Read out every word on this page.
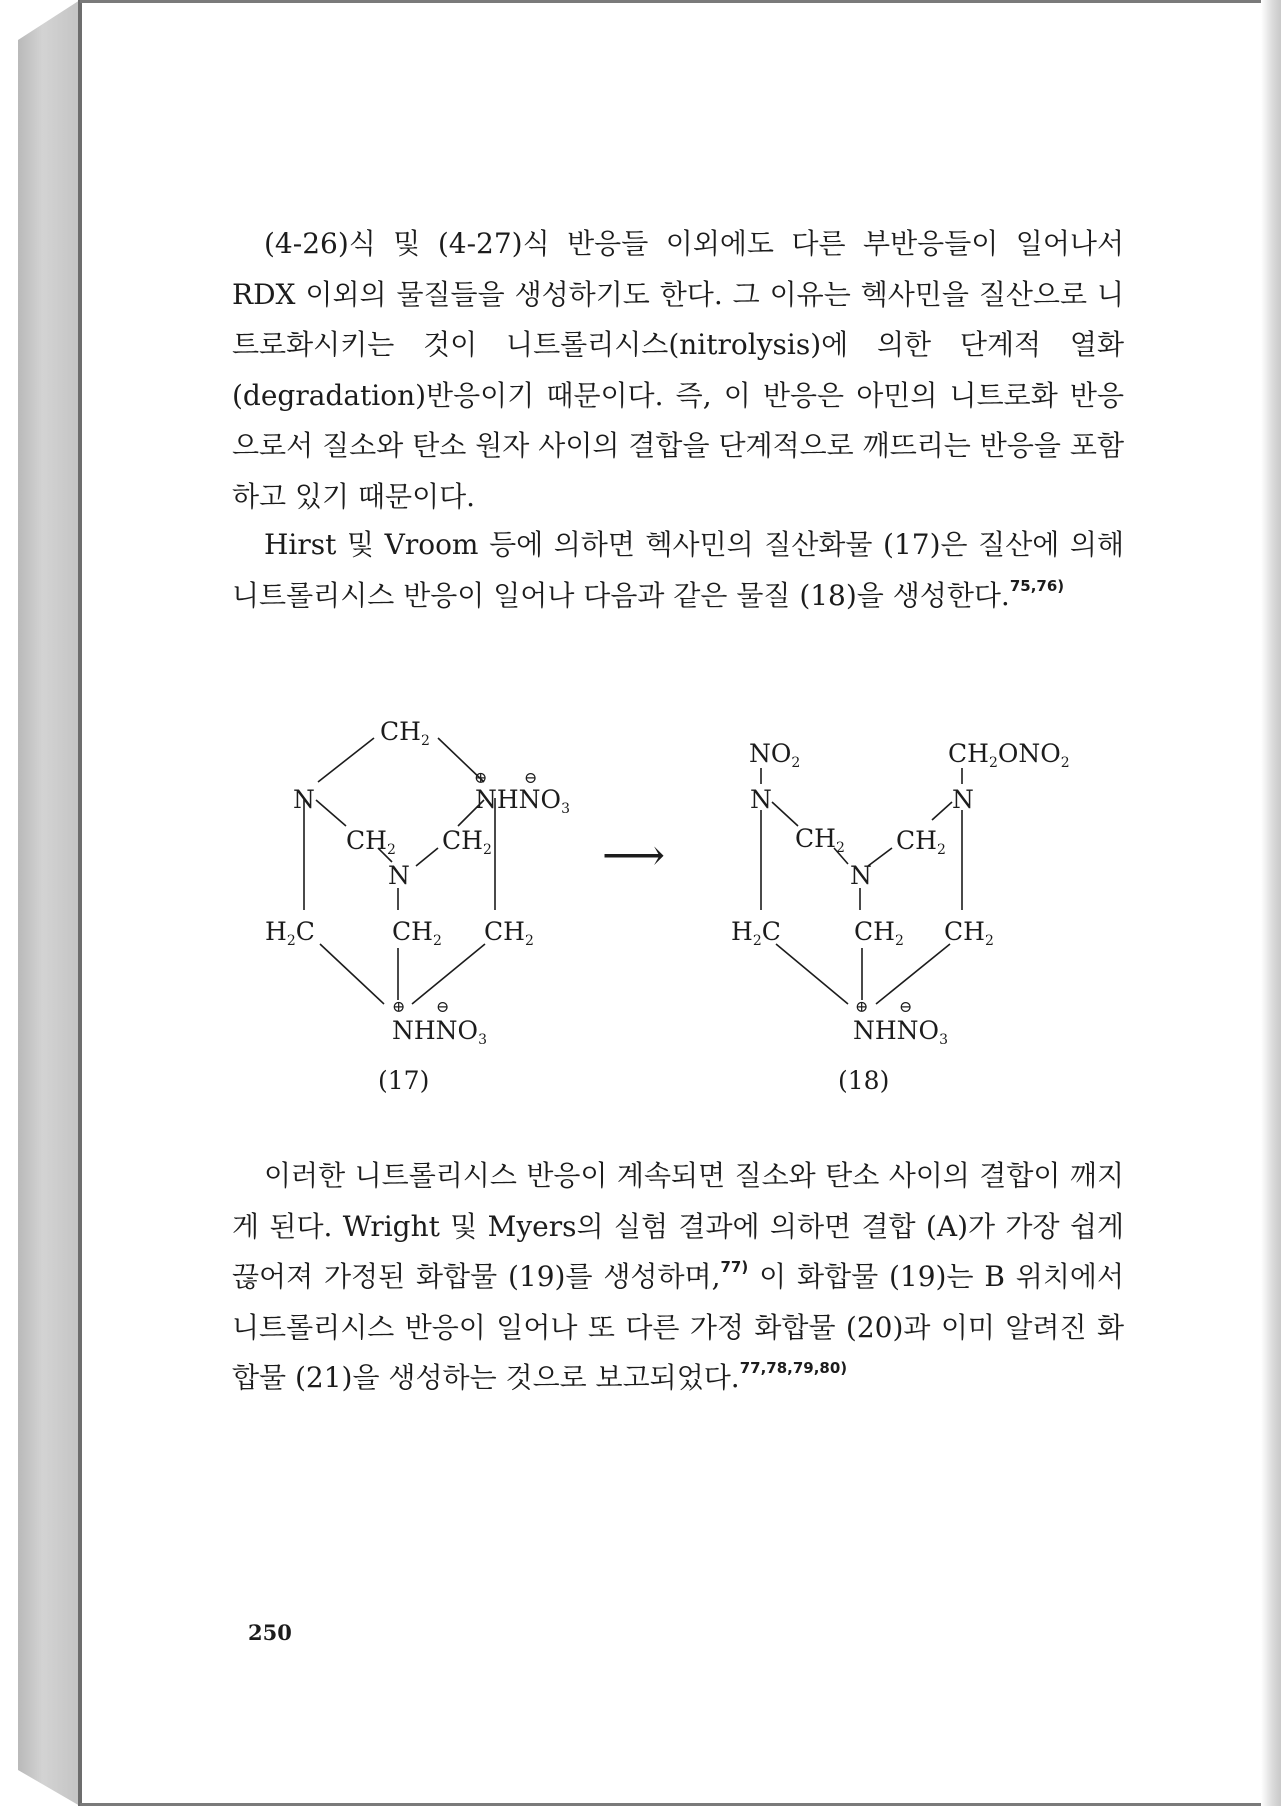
(4-26)식 및 (4-27)식 반응들 이외에도 다른 부반응들이 일어나서 RDX 이외의 물질들을 생성하기도 한다. 그 이유는 헥사민을 질산으로 니트로화시키는 것이 니트롤리시스(nitrolysis)에 의한 단계적 열화(degradation)반응이기 때문이다. 즉, 이 반응은 아민의 니트로화 반응으로서 질소와 탄소 원자 사이의 결합을 단계적으로 깨뜨리는 반응을 포함하고 있기 때문이다.

Hirst 및 Vroom 등에 의하면 헥사민의 질산화물 (17)은 질산에 의해 니트롤리시스 반응이 일어나 다음과 같은 물질 (18)을 생성한다.$^{75,76)}$

$CH_2$
⊕ ⊖
N	$NHNO_3$
$CH_2$ $CH_2$
N
$H_2C$	$CH_2$ $CH_2$
⊕ ⊖
$NHNO_3$
(17)
⟶
$NO_2$	$CH_2ONO_2$
N	N
$CH_2$ $CH_2$
N
$H_2C$	$CH_2$ $CH_2$
⊕ ⊖
$NHNO_3$
(18)

이러한 니트롤리시스 반응이 계속되면 질소와 탄소 사이의 결합이 깨지게 된다. Wright 및 Myers의 실험 결과에 의하면 결합 (A)가 가장 쉽게 끊어져 가정된 화합물 (19)를 생성하며,$^{77)}$ 이 화합물 (19)는 B 위치에서 니트롤리시스 반응이 일어나 또 다른 가정 화합물 (20)과 이미 알려진 화합물 (21)을 생성하는 것으로 보고되었다.$^{77,78,79,80)}$

250
